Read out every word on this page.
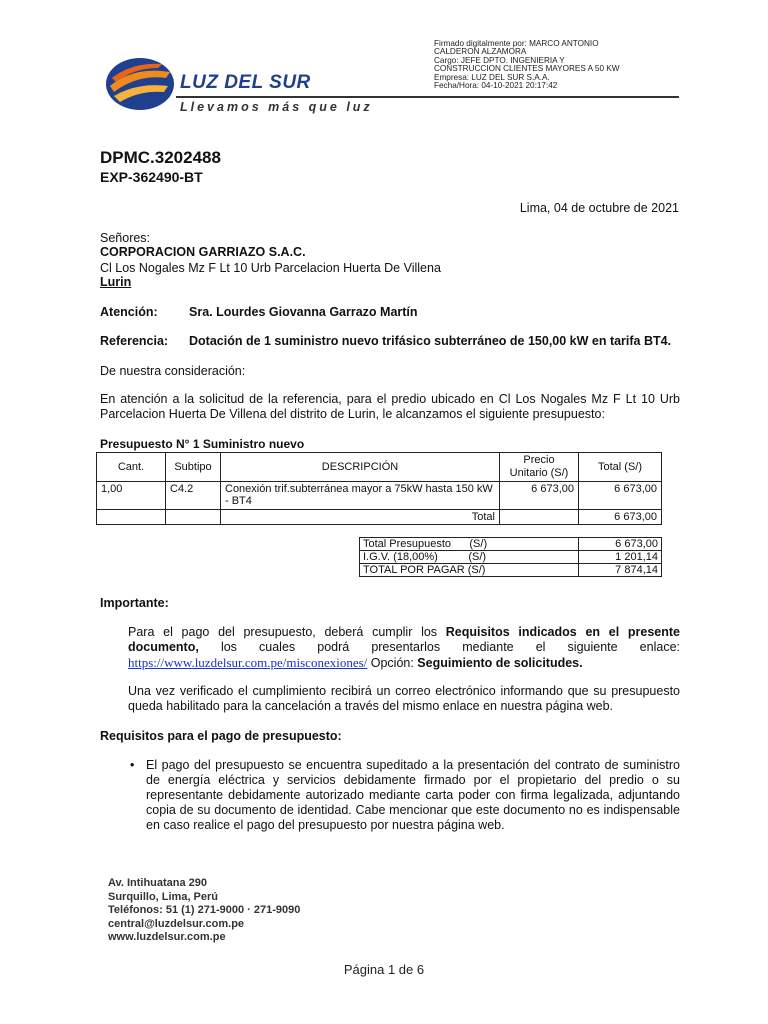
Firmado digitalmente por: MARCO ANTONIO
CALDERON ALZAMORA
Cargo: JEFE DPTO. INGENIERIA Y
CONSTRUCCION CLIENTES MAYORES A 50 KW
Empresa: LUZ DEL SUR S.A.A.
Fecha/Hora: 04-10-2021 20:17:42
LUZ DEL SUR
Llevamos más que luz
DPMC.3202488
EXP-362490-BT
Lima, 04 de octubre de 2021
Señores:
CORPORACION GARRIAZO S.A.C.
Cl Los Nogales Mz F Lt 10 Urb Parcelacion Huerta De Villena
Lurin
Atención:	Sra. Lourdes Giovanna Garrazo Martín
Referencia: Dotación de 1 suministro nuevo trifásico subterráneo de 150,00 kW en tarifa BT4.
De nuestra consideración:
En atención a la solicitud de la referencia, para el predio ubicado en Cl Los Nogales Mz F Lt 10 Urb Parcelacion Huerta De Villena del distrito de Lurin, le alcanzamos el siguiente presupuesto:
Presupuesto N° 1 Suministro nuevo
Cant.	Subtipo	DESCRIPCIÓN	Precio Unitario (S/)	Total (S/)
1,00	C4.2	Conexión trif.subterránea mayor a 75kW hasta 150 kW - BT4	6 673,00	6 673,00
		Total		6 673,00
Total Presupuesto      (S/)	6 673,00
I.G.V. (18,00%)          (S/)	1 201,14
TOTAL POR PAGAR (S/)	7 874,14
Importante:
Para el pago del presupuesto, deberá cumplir los Requisitos indicados en el presente documento, los cuales podrá presentarlos mediante el siguiente enlace: https://www.luzdelsur.com.pe/misconexiones/ Opción: Seguimiento de solicitudes.
Una vez verificado el cumplimiento recibirá un correo electrónico informando que su presupuesto queda habilitado para la cancelación a través del mismo enlace en nuestra página web.
Requisitos para el pago de presupuesto:
• El pago del presupuesto se encuentra supeditado a la presentación del contrato de suministro de energía eléctrica y servicios debidamente firmado por el propietario del predio o su representante debidamente autorizado mediante carta poder con firma legalizada, adjuntando copia de su documento de identidad. Cabe mencionar que este documento no es indispensable en caso realice el pago del presupuesto por nuestra página web.
Av. Intihuatana 290
Surquillo, Lima, Perú
Teléfonos: 51 (1) 271-9000 · 271-9090
central@luzdelsur.com.pe
www.luzdelsur.com.pe
Página 1 de 6
